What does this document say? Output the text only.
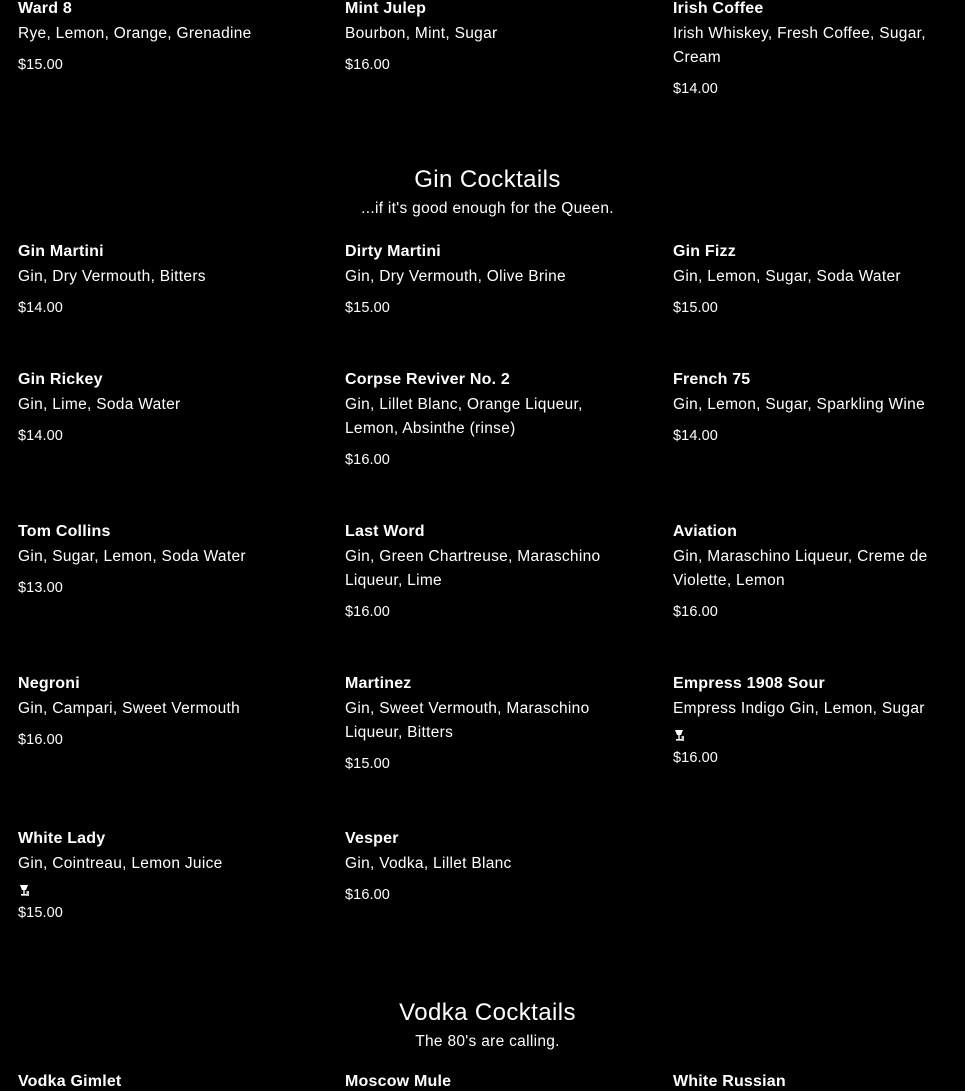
Ward 8
Rye, Lemon, Orange, Grenadine
$15.00
Mint Julep
Bourbon, Mint, Sugar
$16.00
Irish Coffee
Irish Whiskey, Fresh Coffee, Sugar, Cream
$14.00
Gin Cocktails
...if it's good enough for the Queen.
Gin Martini
Gin, Dry Vermouth, Bitters
$14.00
Dirty Martini
Gin, Dry Vermouth, Olive Brine
$15.00
Gin Fizz
Gin, Lemon, Sugar, Soda Water
$15.00
Gin Rickey
Gin, Lime, Soda Water
$14.00
Corpse Reviver No. 2
Gin, Lillet Blanc, Orange Liqueur, Lemon, Absinthe (rinse)
$16.00
French 75
Gin, Lemon, Sugar, Sparkling Wine
$14.00
Tom Collins
Gin, Sugar, Lemon, Soda Water
$13.00
Last Word
Gin, Green Chartreuse, Maraschino Liqueur, Lime
$16.00
Aviation
Gin, Maraschino Liqueur, Creme de Violette, Lemon
$16.00
Negroni
Gin, Campari, Sweet Vermouth
$16.00
Martinez
Gin, Sweet Vermouth, Maraschino Liqueur, Bitters
$15.00
Empress 1908 Sour
Empress Indigo Gin, Lemon, Sugar
$16.00
White Lady
Gin, Cointreau, Lemon Juice
$15.00
Vesper
Gin, Vodka, Lillet Blanc
$16.00
Vodka Cocktails
The 80's are calling.
Vodka Gimlet	Moscow Mule	White Russian
